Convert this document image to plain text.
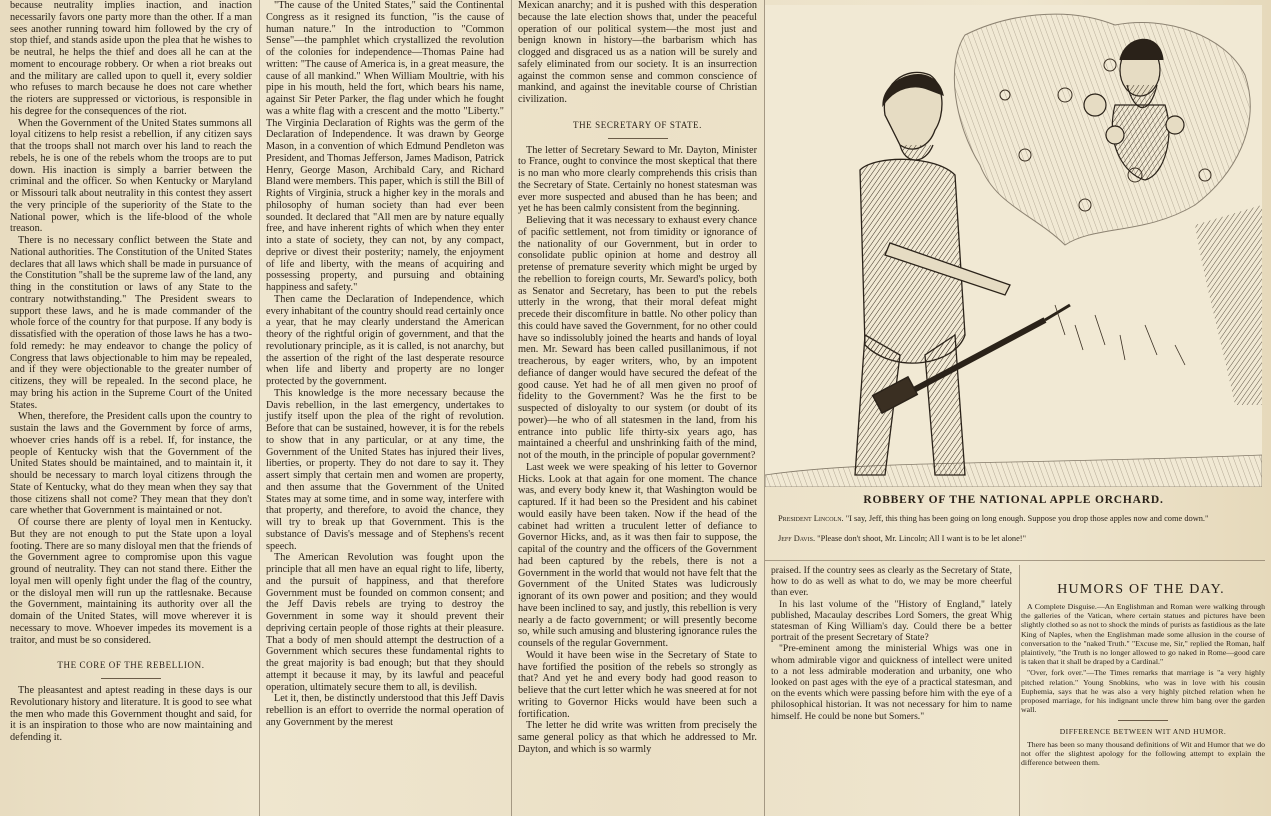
because neutrality implies inaction, and inaction necessarily favors one party more than the other. If a man sees another running toward him followed by the cry of stop thief, and stands aside upon the plea that he wishes to be neutral, he helps the thief and does all he can at the moment to encourage robbery. Or when a riot breaks out and the military are called upon to quell it, every soldier who refuses to march because he does not care whether the rioters are suppressed or victorious, is responsible in his degree for the consequences of the riot.

When the Government of the United States summons all loyal citizens to help resist a rebellion, if any citizen says that the troops shall not march over his land to reach the rebels, he is one of the rebels whom the troops are to put down. His inaction is simply a barrier between the criminal and the officer. So when Kentucky or Maryland or Missouri talk about neutrality in this contest they assert the very principle of the superiority of the State to the National power, which is the life-blood of the whole treason.

There is no necessary conflict between the State and National authorities. The Constitution of the United States declares that all laws which shall be made in pursuance of the Constitution "shall be the supreme law of the land, any thing in the constitution or laws of any State to the contrary notwithstanding." The President swears to support these laws, and he is made commander of the whole force of the country for that purpose. If any body is dissatisfied with the operation of those laws he has a two-fold remedy: he may endeavor to change the policy of Congress that laws objectionable to him may be repealed, and if they were objectionable to the greater number of citizens, they will be repealed. In the second place, he may bring his action in the Supreme Court of the United States.

When, therefore, the President calls upon the country to sustain the laws and the Government by force of arms, whoever cries hands off is a rebel. If, for instance, the people of Kentucky wish that the Government of the United States should be maintained, and to maintain it, it should be necessary to march loyal citizens through the State of Kentucky, what do they mean when they say that those citizens shall not come? They mean that they don't care whether that Government is maintained or not.

Of course there are plenty of loyal men in Kentucky. But they are not enough to put the State upon a loyal footing. There are so many disloyal men that the friends of the Government agree to compromise upon this vague ground of neutrality. They can not stand there. Either the loyal men will openly fight under the flag of the country, or the disloyal men will run up the rattlesnake. Because the Government, maintaining its authority over all the domain of the United States, will move wherever it is necessary to move. Whoever impedes its movement is a traitor, and must be so considered.

THE CORE OF THE REBELLION.

The pleasantest and aptest reading in these days is our Revolutionary history and literature. It is good to see what the men who made this Government thought and said, for it is an inspiration to those who are now maintaining and defending it.

"The cause of the United States," said the Continental Congress as it resigned its function, "is the cause of human nature." In the introduction to "Common Sense"—the pamphlet which crystallized the revolution of the colonies for independence—Thomas Paine had written: "The cause of America is, in a great measure, the cause of all mankind." When William Moultrie, with his pipe in his mouth, held the fort, which bears his name, against Sir Peter Parker, the flag under which he fought was a white flag with a crescent and the motto "Liberty." The Virginia Declaration of Rights was the germ of the Declaration of Independence. It was drawn by George Mason, in a convention of which Edmund Pendleton was President, and Thomas Jefferson, James Madison, Patrick Henry, George Mason, Archibald Cary, and Richard Bland were members. This paper, which is still the Bill of Rights of Virginia, struck a higher key in the morals and philosophy of human society than had ever been sounded. It declared that "All men are by nature equally free, and have inherent rights of which when they enter into a state of society, they can not, by any compact, deprive or divest their posterity; namely, the enjoyment of life and liberty, with the means of acquiring and possessing property, and pursuing and obtaining happiness and safety."

Then came the Declaration of Independence, which every inhabitant of the country should read certainly once a year, that he may clearly understand the American theory of the rightful origin of government, and that the revolutionary principle, as it is called, is not anarchy, but the assertion of the right of the last desperate resource when life and liberty and property are no longer protected by the government.

This knowledge is the more necessary because the Davis rebellion, in the last emergency, undertakes to justify itself upon the plea of the right of revolution. Before that can be sustained, however, it is for the rebels to show that in any particular, or at any time, the Government of the United States has injured their lives, liberties, or property. They do not dare to say it. They assert simply that certain men and women are property, and then assume that the Government of the United States may at some time, and in some way, interfere with that property, and therefore, to avoid the chance, they will try to break up that Government. This is the substance of Davis's message and of Stephens's recent speech.

The American Revolution was fought upon the principle that all men have an equal right to life, liberty, and the pursuit of happiness, and that therefore Government must be founded on common consent; and the Jeff Davis rebels are trying to destroy the Government in some way it should prevent their depriving certain people of those rights at their pleasure. That a body of men should attempt the destruction of a Government which secures these fundamental rights to the great majority is bad enough; but that they should attempt it because it may, by its lawful and peaceful operation, ultimately secure them to all, is devilish.

Let it, then, be distinctly understood that this Jeff Davis rebellion is an effort to override the normal operation of any Government by the merest

Mexican anarchy; and it is pushed with this desperation because the late election shows that, under the peaceful operation of our political system—the most just and benign known in history—the barbarism which has clogged and disgraced us as a nation will be surely and safely eliminated from our society. It is an insurrection against the common sense and common conscience of mankind, and against the inevitable course of Christian civilization.

THE SECRETARY OF STATE.

The letter of Secretary Seward to Mr. Dayton, Minister to France, ought to convince the most skeptical that there is no man who more clearly comprehends this crisis than the Secretary of State. Certainly no honest statesman was ever more suspected and abused than he has been; and yet he has been calmly consistent from the beginning.

Believing that it was necessary to exhaust every chance of pacific settlement, not from timidity or ignorance of the nationality of our Government, but in order to consolidate public opinion at home and destroy all pretense of premature severity which might be urged by the rebellion to foreign courts, Mr. Seward's policy, both as Senator and Secretary, has been to put the rebels utterly in the wrong, that their moral defeat might precede their discomfiture in battle. No other policy than this could have saved the Government, for no other could have so indissolubly joined the hearts and hands of loyal men. Mr. Seward has been called pusillanimous, if not treacherous, by eager writers, who, by an impotent defiance of danger would have secured the defeat of the good cause. Yet had he of all men given no proof of fidelity to the Government? Was he the first to be suspected of disloyalty to our system (or doubt of its power)—he who of all statesmen in the land, from his entrance into public life thirty-six years ago, has maintained a cheerful and unshrinking faith of the mind, not of the mouth, in the principle of popular government?

Last week we were speaking of his letter to Governor Hicks. Look at that again for one moment. The chance was, and every body knew it, that Washington would be captured. If it had been so the President and his cabinet would easily have been taken. Now if the head of the cabinet had written a truculent letter of defiance to Governor Hicks, and, as it was then fair to suppose, the capital of the country and the officers of the Government had been captured by the rebels, there is not a Government in the world that would not have felt that the Government of the United States was ludicrously ignorant of its own power and position; and they would have been inclined to say, and justly, this rebellion is very nearly a de facto government; or will presently become so, while such amusing and blustering ignorance rules the counsels of the regular Government.

Would it have been wise in the Secretary of State to have fortified the position of the rebels so strongly as that? And yet he and every body had good reason to believe that the curt letter which he was sneered at for not writing to Governor Hicks would have been such a fortification.

The letter he did write was written from precisely the same general policy as that which he addressed to Mr. Dayton, and which is so warmly

ROBBERY OF THE NATIONAL APPLE ORCHARD.
President Lincoln. "I say, Jeff, this thing has been going on long enough. Suppose you drop those apples now and come down."
Jeff Davis. "Please don't shoot, Mr. Lincoln; All I want is to be let alone!"

praised. If the country sees as clearly as the Secretary of State, how to do as well as what to do, we may be more cheerful than ever.

In his last volume of the "History of England," lately published, Macaulay describes Lord Somers, the great Whig statesman of King William's day. Could there be a better portrait of the present Secretary of State?

"Pre-eminent among the ministerial Whigs was one in whom admirable vigor and quickness of intellect were united to a not less admirable moderation and urbanity, one who looked on past ages with the eye of a practical statesman, and on the events which were passing before him with the eye of a philosophical historian. It was not necessary for him to name himself. He could be none but Somers."

HUMORS OF THE DAY.

A Complete Disguise.—An Englishman and Roman were walking through the galleries of the Vatican, where certain statues and pictures have been slightly clothed so as not to shock the minds of purists as fastidious as the late King of Naples, when the Englishman made some allusion in the course of conversation to the "naked Truth." "Excuse me, Sir," replied the Roman, half plaintively, "the Truth is no longer allowed to go naked in Rome—good care is taken that it shall be draped by a Cardinal."

"Over, fork over."—The Times remarks that marriage is "a very highly pitched relation." Young Snobkins, who was in love with his cousin Euphemia, says that he was also a very highly pitched relation when he proposed marriage, for his indignant uncle threw him bang over the garden wall.

DIFFERENCE BETWEEN WIT AND HUMOR.

There has been so many thousand definitions of Wit and Humor that we do not offer the slightest apology for the following attempt to explain the difference between them.
